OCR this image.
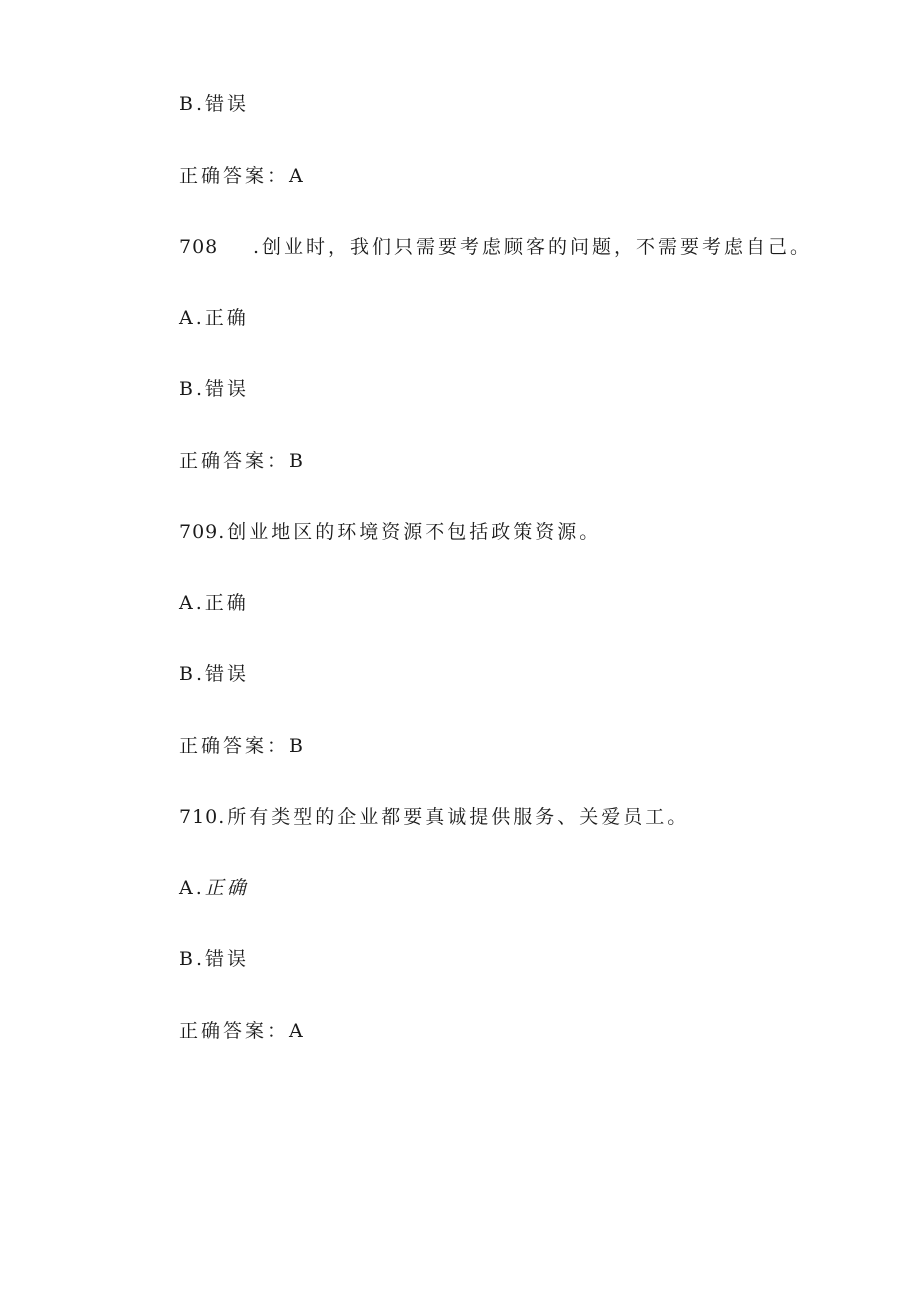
B.错误
正确答案：A
708 .创业时，我们只需要考虑顾客的问题，不需要考虑自己。
A.正确
B.错误
正确答案：B
709.创业地区的环境资源不包括政策资源。
A.正确
B.错误
正确答案：B
710.所有类型的企业都要真诚提供服务、关爱员工。
A.正确
B.错误
正确答案：A
